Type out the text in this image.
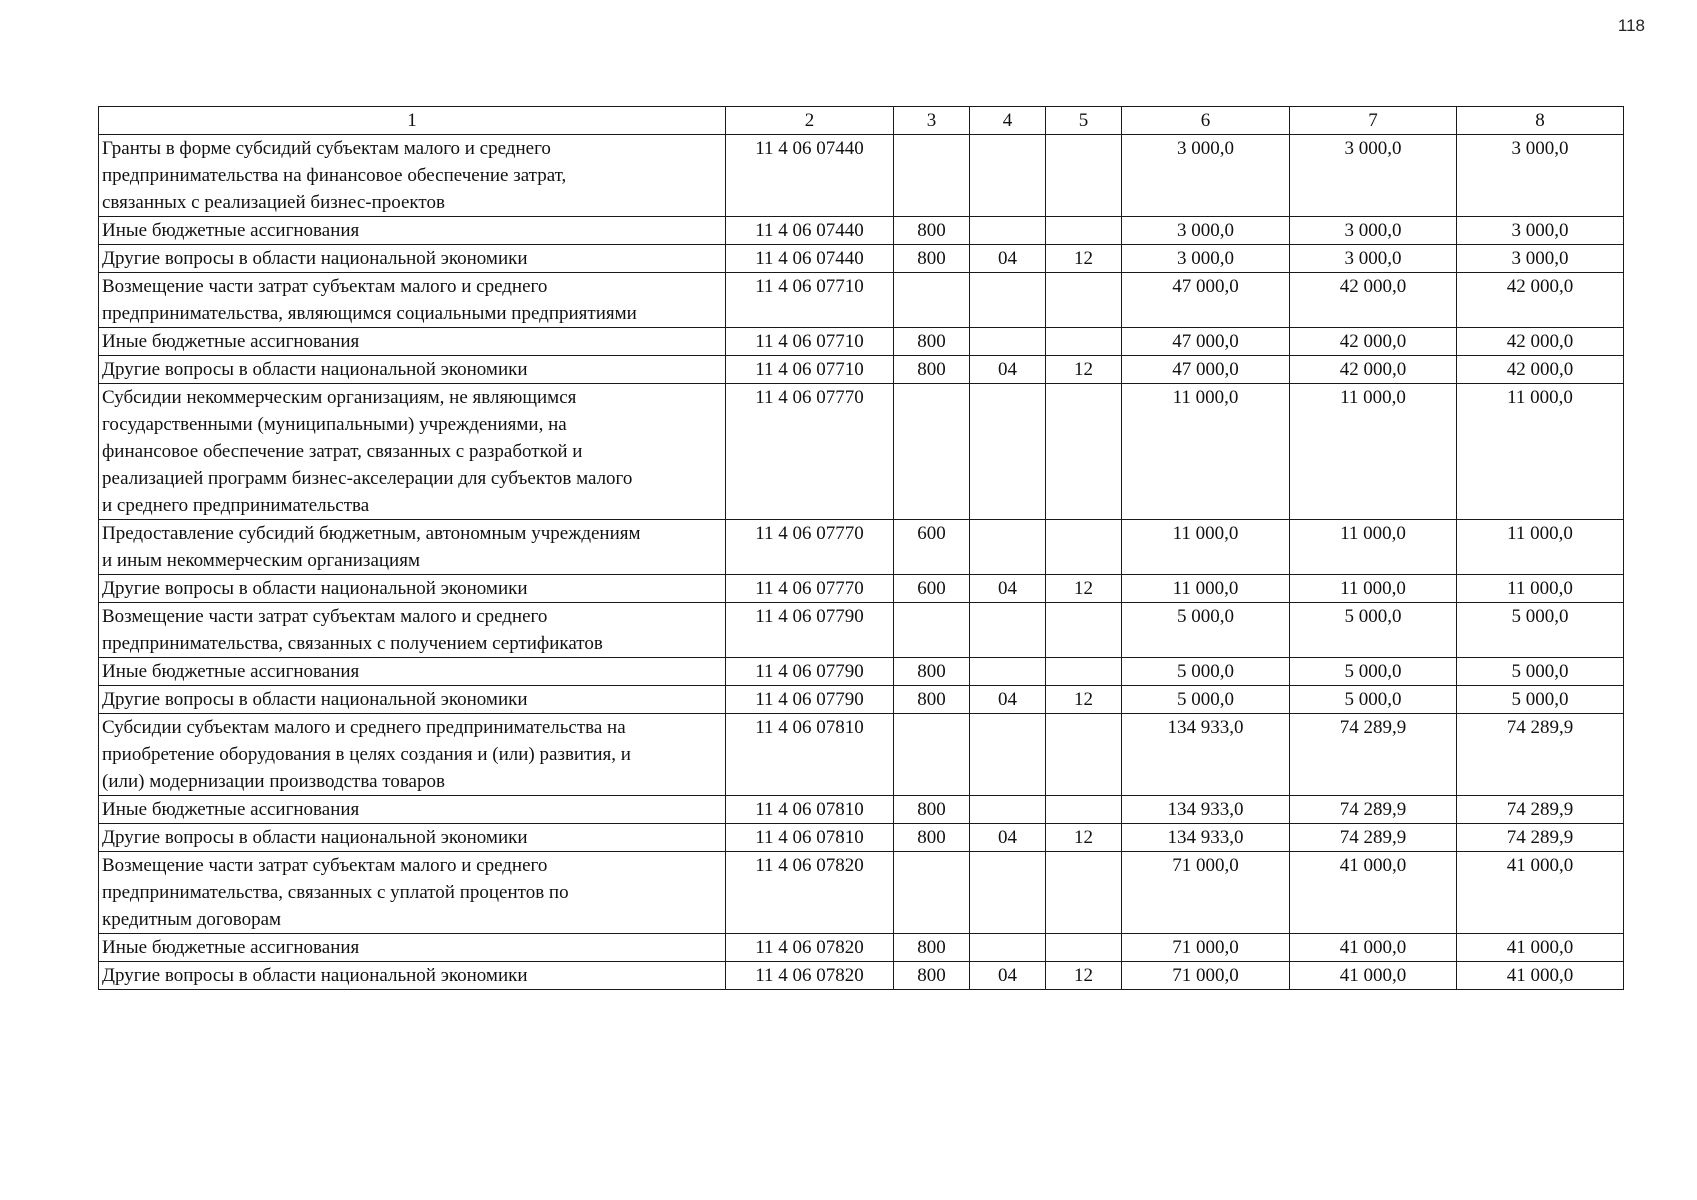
118
1	2	3	4	5	6	7	8
Гранты в форме субсидий субъектам малого и среднего
предпринимательства на финансовое обеспечение затрат,
связанных с реализацией бизнес-проектов	11 4 06 07440				3 000,0	3 000,0	3 000,0
Иные бюджетные ассигнования	11 4 06 07440	800			3 000,0	3 000,0	3 000,0
Другие вопросы в области национальной экономики	11 4 06 07440	800	04	12	3 000,0	3 000,0	3 000,0
Возмещение части затрат субъектам малого и среднего
предпринимательства, являющимся социальными предприятиями	11 4 06 07710				47 000,0	42 000,0	42 000,0
Иные бюджетные ассигнования	11 4 06 07710	800			47 000,0	42 000,0	42 000,0
Другие вопросы в области национальной экономики	11 4 06 07710	800	04	12	47 000,0	42 000,0	42 000,0
Субсидии некоммерческим организациям, не являющимся
государственными (муниципальными) учреждениями, на
финансовое обеспечение затрат, связанных с разработкой и
реализацией программ бизнес-акселерации для субъектов малого
и среднего предпринимательства	11 4 06 07770				11 000,0	11 000,0	11 000,0
Предоставление субсидий бюджетным, автономным учреждениям
и иным некоммерческим организациям	11 4 06 07770	600			11 000,0	11 000,0	11 000,0
Другие вопросы в области национальной экономики	11 4 06 07770	600	04	12	11 000,0	11 000,0	11 000,0
Возмещение части затрат субъектам малого и среднего
предпринимательства, связанных с получением сертификатов	11 4 06 07790				5 000,0	5 000,0	5 000,0
Иные бюджетные ассигнования	11 4 06 07790	800			5 000,0	5 000,0	5 000,0
Другие вопросы в области национальной экономики	11 4 06 07790	800	04	12	5 000,0	5 000,0	5 000,0
Субсидии субъектам малого и среднего предпринимательства на
приобретение оборудования в целях создания и (или) развития, и
(или) модернизации производства товаров	11 4 06 07810				134 933,0	74 289,9	74 289,9
Иные бюджетные ассигнования	11 4 06 07810	800			134 933,0	74 289,9	74 289,9
Другие вопросы в области национальной экономики	11 4 06 07810	800	04	12	134 933,0	74 289,9	74 289,9
Возмещение части затрат субъектам малого и среднего
предпринимательства, связанных с уплатой процентов по
кредитным договорам	11 4 06 07820				71 000,0	41 000,0	41 000,0
Иные бюджетные ассигнования	11 4 06 07820	800			71 000,0	41 000,0	41 000,0
Другие вопросы в области национальной экономики	11 4 06 07820	800	04	12	71 000,0	41 000,0	41 000,0
